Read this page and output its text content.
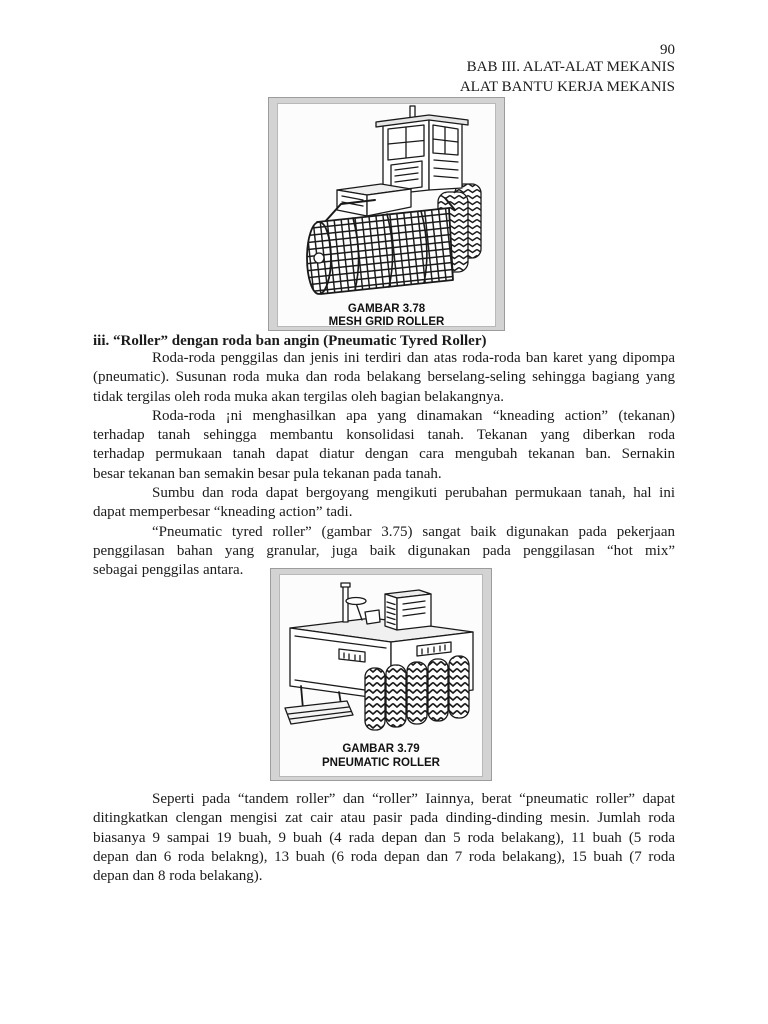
90
BAB III. ALAT-ALAT MEKANIS
ALAT BANTU KERJA MEKANIS
GAMBAR 3.78
MESH GRID ROLLER
iii. “Roller” dengan roda ban angin (Pneumatic Tyred Roller)
Roda-roda penggilas dan jenis ini terdiri dan atas roda-roda ban karet yang dipompa
(pneumatic). Susunan roda muka dan roda belakang berselang-seling sehingga bagiang yang
tidak tergilas oleh roda muka akan tergilas oleh bagian belakangnya.
Roda-roda ¡ni menghasilkan apa yang dinamakan “kneading action” (tekanan)
terhadap tanah sehingga membantu konsolidasi tanah. Tekanan yang diberkan roda
terhadap permukaan tanah dapat diatur dengan cara mengubah tekanan ban. Sernakin
besar tekanan ban semakin besar pula tekanan pada tanah.
Sumbu dan roda dapat bergoyang mengikuti perubahan permukaan tanah, hal ini
dapat memperbesar “kneading action” tadi.
“Pneumatic tyred roller” (gambar 3.75) sangat baik digunakan pada pekerjaan
penggilasan bahan yang granular, juga baik digunakan pada penggilasan “hot mix”
sebagai penggilas antara.
GAMBAR 3.79
PNEUMATIC ROLLER
Seperti pada “tandem roller” dan “roller” Iainnya, berat “pneumatic roller” dapat
ditingkatkan clengan mengisi zat cair atau pasir pada dinding-dinding mesin. Jumlah roda
biasanya 9 sampai 19 buah, 9 buah (4 rada depan dan 5 roda belakang), 11 buah (5 roda
depan dan 6 roda belakng), 13 buah (6 roda depan dan 7 roda belakang), 15 buah (7 roda
depan dan 8 roda belakang).
